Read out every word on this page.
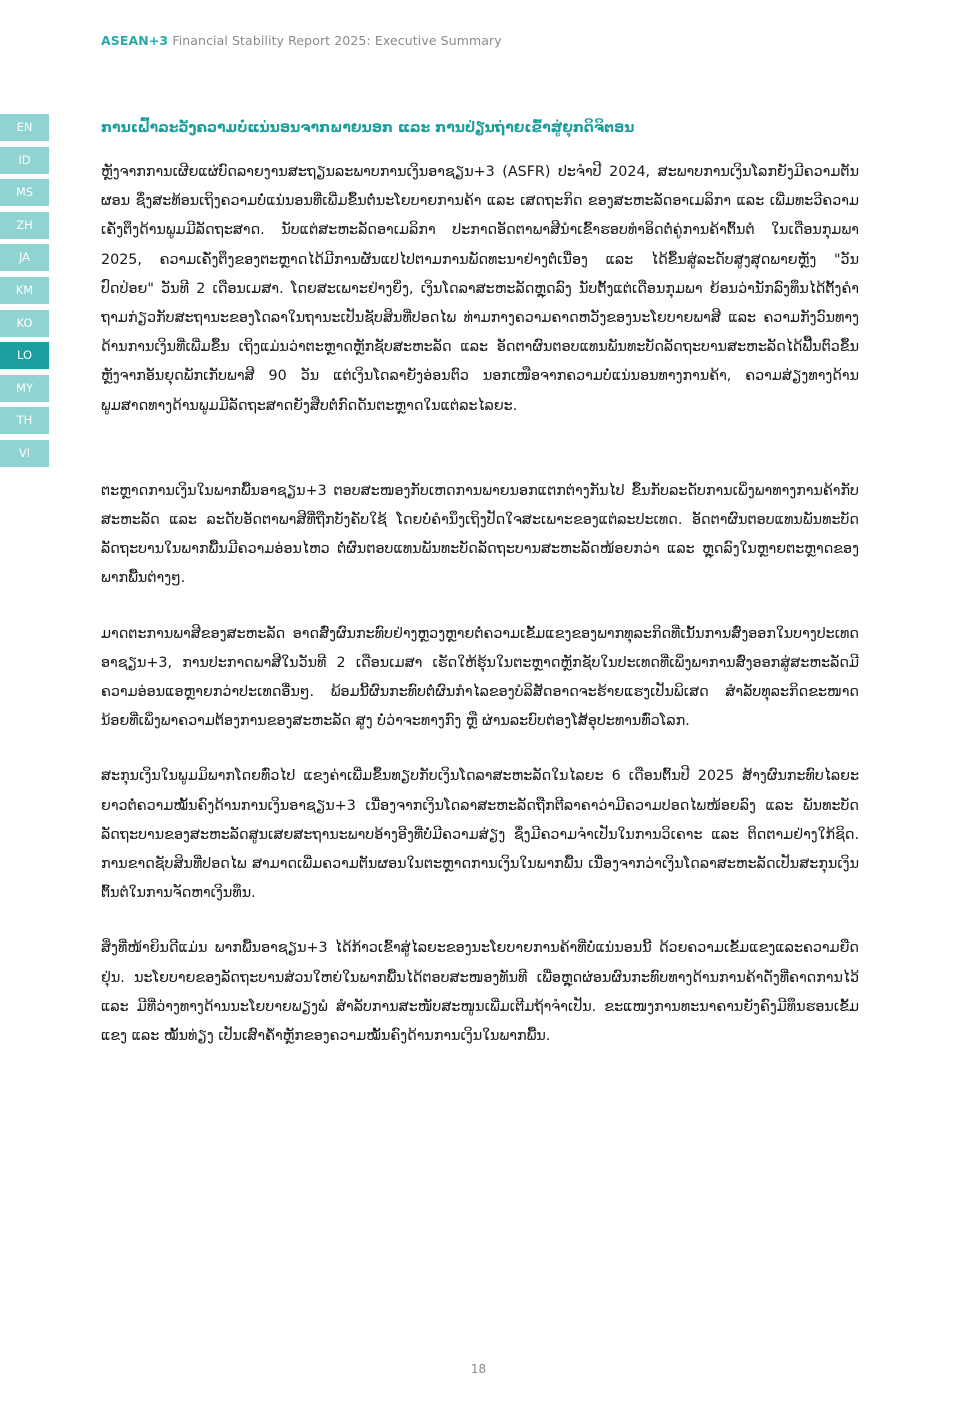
ASEAN+3 Financial Stability Report 2025: Executive Summary
EN
ID
MS
ZH
JA
KM
KO
LO
MY
TH
VI
ການເຝົ້າລະວັງຄວາມບໍ່ແນ່ນອນຈາກພາຍນອກ ແລະ ການປ່ຽນຖ່າຍເຂົ້າສູ່ຍຸກດິຈິຕອນ

ຫຼັງຈາກການເຜີຍແຜ່ບົດລາຍງານສະຖຽນລະພາບການເງິນອາຊຽນ+3 (ASFR) ປະຈໍາປີ 2024, ສະພາບການເງິນໂລກຍັງມີຄວາມຕັນຜອນ ຊຶ່ງສະທ້ອນເຖິງຄວາມບໍ່ແນ່ນອນທີ່ເພີ່ມຂຶ້ນຕໍ່ນະໂຍບາຍການຄ້າ ແລະ ເສດຖະກິດ ຂອງສະຫະລັດອາເມລິກາ ແລະ ເພີ່ມທະວີຄວາມເຄັ່ງຕຶງດ້ານພູມມີລັດຖະສາດ. ນັບແຕ່ສະຫະລັດອາເມລິກາ ປະກາດອັດຕາພາສີນໍາເຂົ້າຮອບທໍາອິດຕໍ່ຄູ່ການຄ້າຕົ້ນຕໍ ໃນເດືອນກຸມພາ 2025, ຄວາມເຄັ່ງຕຶງຂອງຕະຫຼາດໄດ້ມີການຜັນແປໄປຕາມການພັດທະນາຢ່າງຕໍ່ເນື່ອງ ແລະ ໄດ້ຂຶ້ນສູ່ລະດັບສູງສຸດພາຍຫຼັງ "ວັນປົດປ່ອຍ" ວັນທີ 2 ເດືອນເມສາ. ໂດຍສະເພາະຢ່າງຍິ່ງ, ເງິນໂດລາສະຫະລັດຫຼຸດລົງ ນັບຕັ້ງແຕ່ເດືອນກຸມພາ ຍ້ອນວ່ານັກລົງທຶນໄດ້ຕັ້ງຄໍາຖາມກ່ຽວກັບສະຖານະຂອງໂດລາໃນຖານະເປັນຊັບສິນທີ່ປອດໄພ ທ່າມກາງຄວາມຄາດຫວັງຂອງນະໂຍບາຍພາສີ ແລະ ຄວາມກັງວົນທາງດ້ານການເງິນທີ່ເພີ່ມຂຶ້ນ ເຖິງແມ່ນວ່າຕະຫຼາດຫຼັກຊັບສະຫະລັດ ແລະ ອັດຕາຜົນຕອບແທນພັນທະບັດລັດຖະບານສະຫະລັດໄດ້ຟື້ນຕົວຂຶ້ນຫຼັງຈາກອັນຍຸດພັກເກັບພາສີ 90 ວັນ ແຕ່ເງິນໂດລາຍັງອ່ອນຕົວ ນອກເໜືອຈາກຄວາມບໍ່ແນ່ນອນທາງການຄ້າ, ຄວາມສ່ຽງທາງດ້ານພູມສາດທາງດ້ານພູມມີລັດຖະສາດຍັງສືບຕໍ່ກົດດັນຕະຫຼາດໃນແຕ່ລະໄລຍະ.

ຕະຫຼາດການເງິນໃນພາກພື້ນອາຊຽນ+3 ຕອບສະໜອງກັບເຫດການພາຍນອກແຕກຕ່າງກັນໄປ ຂຶ້ນກັບລະດັບການເພິ່ງພາທາງການຄ້າກັບສະຫະລັດ ແລະ ລະດັບອັດຕາພາສີທີ່ຖືກບັງຄັບໃຊ້ ໂດຍບໍ່ຄໍານຶງເຖິງປັດໃຈສະເພາະຂອງແຕ່ລະປະເທດ. ອັດຕາຜົນຕອບແທນພັນທະບັດລັດຖະບານໃນພາກພື້ນມີຄວາມອ່ອນໄຫວ ຕໍ່ຜົນຕອບແທນພັນທະບັດລັດຖະບານສະຫະລັດໜ້ອຍກວ່າ ແລະ ຫຼຸດລົງໃນຫຼາຍຕະຫຼາດຂອງພາກພື້ນຕ່າງໆ.

ມາດຕະການພາສີຂອງສະຫະລັດ ອາດສົ່ງຜົນກະທົບຢ່າງຫຼວງຫຼາຍຕໍ່ຄວາມເຂັ້ມແຂງຂອງພາກທຸລະກິດທີ່ເນັ້ນການສົ່ງອອກໃນບາງປະເທດອາຊຽນ+3, ການປະກາດພາສີໃນວັນທີ 2 ເດືອນເມສາ ເຮັດໃຫ້ຮຸ້ນໃນຕະຫຼາດຫຼັກຊັບໃນປະເທດທີ່ເພິ່ງພາການສົ່ງອອກສູ່ສະຫະລັດມີຄວາມອ່ອນແອຫຼາຍກວ່າປະເທດອື່ນໆ. ພ້ອມນີ້ຜົນກະທົບຕໍ່ຜົນກໍາໄລຂອງບໍລິສັດອາດຈະຮ້າຍແຮງເປັນພິເສດ ສໍາລັບທຸລະກິດຂະໜາດນ້ອຍທີ່ເພິ່ງພາຄວາມຕ້ອງການຂອງສະຫະລັດ ສູງ ບໍ່ວ່າຈະທາງກົງ ຫຼື ຜ່ານລະບົບຕ່ອງໂສ້ອຸປະທານທົ່ວໂລກ.

ສະກຸນເງິນໃນພູມມິພາກໂດຍທົ່ວໄປ ແຂງຄ່າເພີ່ມຂຶ້ນທຽບກັບເງິນໂດລາສະຫະລັດໃນໄລຍະ 6 ເດືອນຕົ້ນປີ 2025 ສ້າງຜົນກະທົບໄລຍະຍາວຕໍ່ຄວາມໝັ້ນຄົງດ້ານການເງິນອາຊຽນ+3 ເນື່ອງຈາກເງິນໂດລາສະຫະລັດຖືກຕີລາຄາວ່າມີຄວາມປອດໄພໜ້ອຍລົງ ແລະ ພັນທະບັດລັດຖະບານຂອງສະຫະລັດສູນເສຍສະຖານະພາບອ້າງອີງທີ່ບໍ່ມີຄວາມສ່ຽງ ຊຶ່ງມີຄວາມຈໍາເປັນໃນການວິເຄາະ ແລະ ຕິດຕາມຢ່າງໃກ້ຊິດ. ການຂາດຊັບສິນທີ່ປອດໄພ ສາມາດເພີ່ມຄວາມຕັນຜອນໃນຕະຫຼາດການເງິນໃນພາກພື້ນ ເນື່ອງຈາກວ່າເງິນໂດລາສະຫະລັດເປັນສະກຸນເງິນຕົ້ນຕໍໃນການຈັດຫາເງິນທຶນ.

ສິ່ງທີ່ໜ້າຍິນດີແມ່ນ ພາກພື້ນອາຊຽນ+3 ໄດ້ກ້າວເຂົ້າສູ່ໄລຍະຂອງນະໂຍບາຍການຄ້າທີ່ບໍ່ແນ່ນອນນີ້ ດ້ວຍຄວາມເຂັ້ມແຂງແລະຄວາມຍືດຢຸ່ນ. ນະໂຍບາຍຂອງລັດຖະບານສ່ວນໃຫຍ່ໃນພາກພື້ນໄດ້ຕອບສະໜອງທັນທີ ເພື່ອຫຼຸດຜ່ອນຜົນກະທົບທາງດ້ານການຄ້າດັ່ງທີ່ຄາດການໄວ້ ແລະ ມີທີ່ວ່າງທາງດ້ານນະໂຍບາຍພຽງພໍ ສໍາລັບການສະໜັບສະໜູນເພີ່ມເຕີມຖ້າຈໍາເປັນ. ຂະແໜງການທະນາຄານຍັງຄົງມີທຶນຮອນເຂັ້ມແຂງ ແລະ ໝັ້ນທ່ຽງ ເປັນເສົາຄໍ້າຫຼັກຂອງຄວາມໝັ້ນຄົງດ້ານການເງິນໃນພາກພື້ນ.

18
